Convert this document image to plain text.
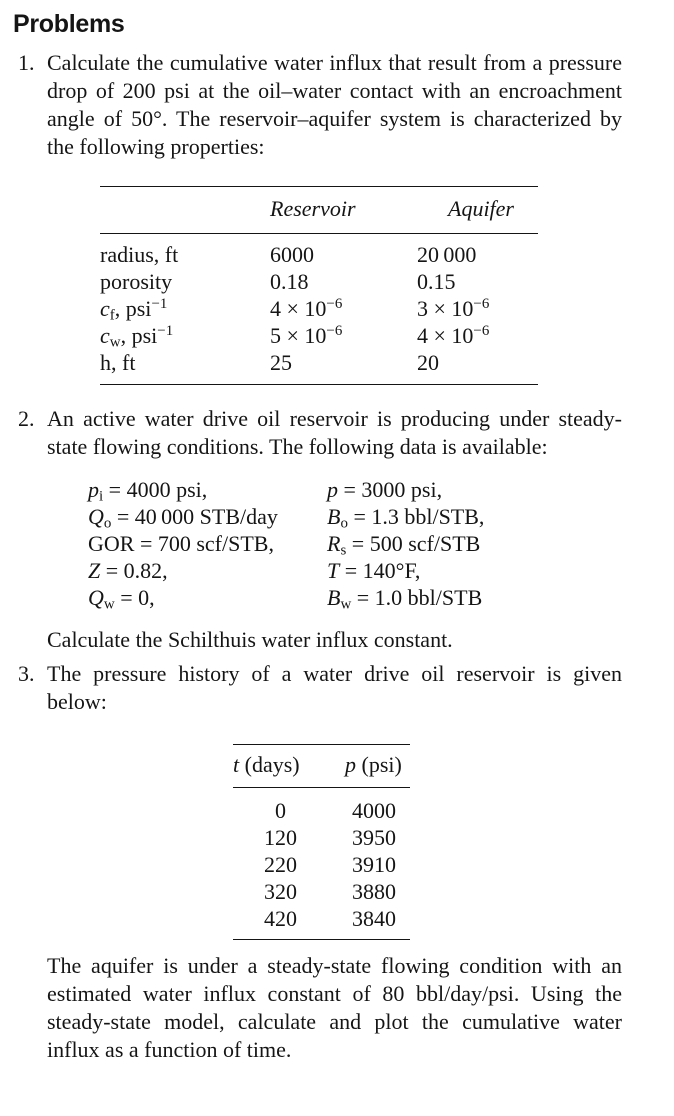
Problems
1. Calculate the cumulative water influx that result from a pressure drop of 200 psi at the oil–water contact with an encroachment angle of 50°. The reservoir–aquifer system is characterized by the following properties:

	Reservoir	Aquifer
radius, ft	6000	20 000
porosity	0.18	0.15
$c_f$, psi$^{-1}$	$4 \times 10^{-6}$	$3 \times 10^{-6}$
$c_w$, psi$^{-1}$	$5 \times 10^{-6}$	$4 \times 10^{-6}$
h, ft	25	20
2. An active water drive oil reservoir is producing under steady-state flowing conditions. The following data is available:

$p_i = 4000$ psi,	p = 3000 psi,
$Q_o = 40$ 000 STB/day	$B_o = 1.3$ bbl/STB,
GOR = 700 scf/STB,	$R_s = 500$ scf/STB
Z = 0.82,	T = 140°F,
$Q_w = 0$,	$B_w = 1.0$ bbl/STB

Calculate the Schilthuis water influx constant.

3. The pressure history of a water drive oil reservoir is given below:

t (days)	p (psi)
0	4000
120	3950
220	3910
320	3880
420	3840

The aquifer is under a steady-state flowing condition with an estimated water influx constant of 80 bbl/day/psi. Using the steady-state model, calculate and plot the cumulative water influx as a function of time.
